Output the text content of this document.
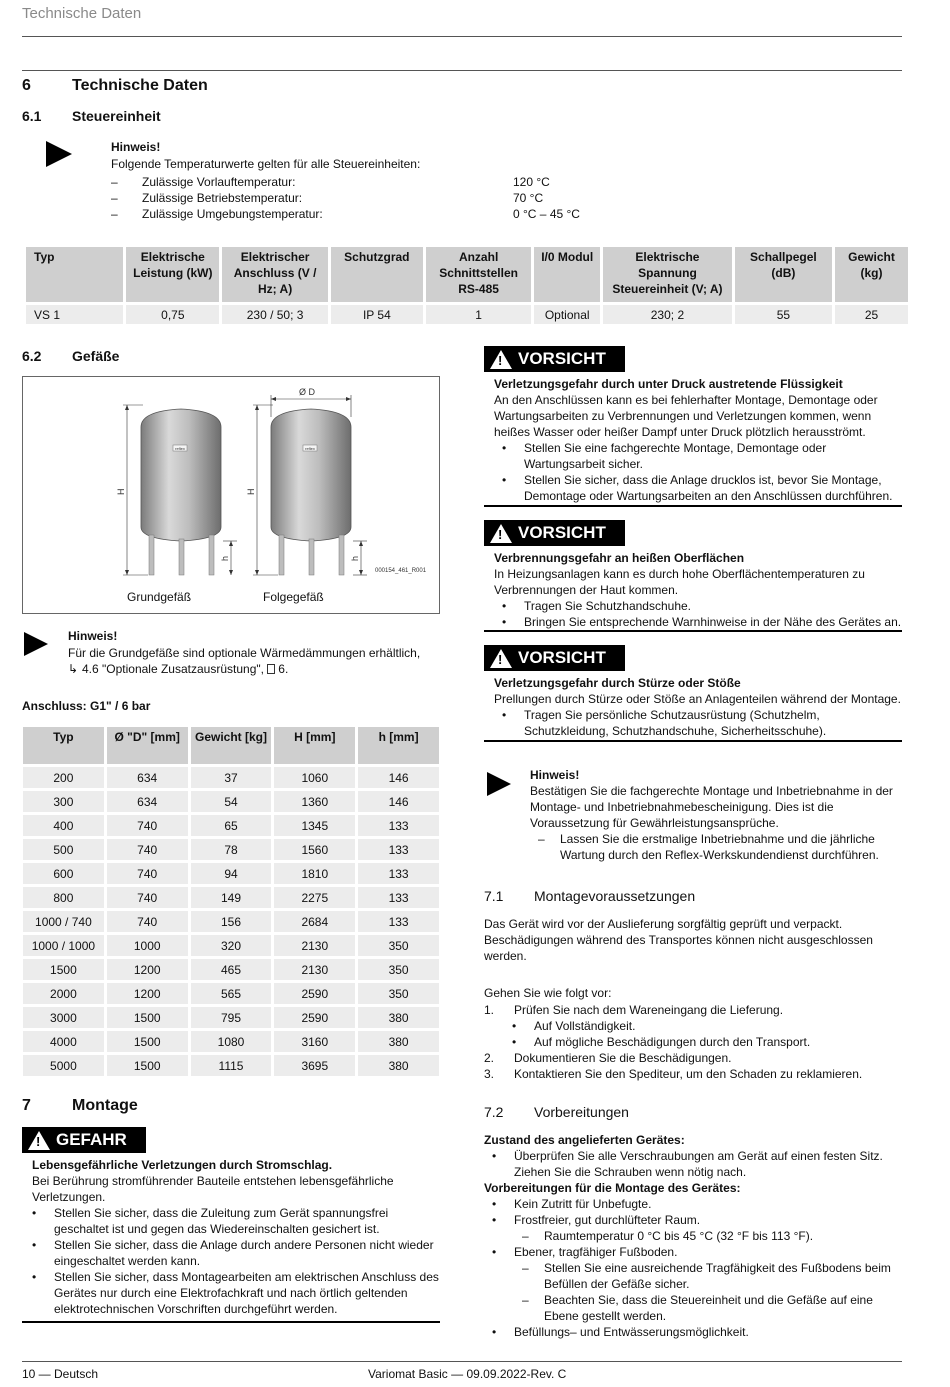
Technische Daten
6	Technische Daten
6.1 Steuereinheit
Hinweis!
Folgende Temperaturwerte gelten für alle Steuereinheiten:
– Zulässige Vorlauftemperatur:	120 °C
– Zulässige Betriebstemperatur:	70 °C
– Zulässige Umgebungstemperatur:	0 °C – 45 °C
Typ	Elektrische Leistung (kW)	Elektrischer Anschluss (V / Hz; A)	Schutzgrad	Anzahl Schnittstellen RS-485	I/0 Modul	Elektrische Spannung Steuereinheit (V; A)	Schallpegel (dB)	Gewicht (kg)
VS 1	0,75	230 / 50; 3	IP 54	1	Optional	230; 2	55	25
6.2 Gefäße
reflex	reflex
Ø D
H	H
h	h
000154_461_R001
Grundgefäß	Folgegefäß
Hinweis!
Für die Grundgefäße sind optionale Wärmedämmungen erhältlich,
↳ 4.6 "Optionale Zusatzausrüstung", 6.
Anschluss: G1" / 6 bar
Typ	Ø "D" [mm]	Gewicht [kg]	H [mm]	h [mm]
200	634	37	1060	146
300	634	54	1360	146
400	740	65	1345	133
500	740	78	1560	133
600	740	94	1810	133
800	740	149	2275	133
1000 / 740	740	156	2684	133
1000 / 1000	1000	320	2130	350
1500	1200	465	2130	350
2000	1200	565	2590	350
3000	1500	795	2590	380
4000	1500	1080	3160	380
5000	1500	1115	3695	380
7	Montage
!
GEFAHR
Lebensgefährliche Verletzungen durch Stromschlag.
Bei Berührung stromführender Bauteile entstehen lebensgefährliche Verletzungen.
• Stellen Sie sicher, dass die Zuleitung zum Gerät spannungsfrei geschaltet ist und gegen das Wiedereinschalten gesichert ist.
• Stellen Sie sicher, dass die Anlage durch andere Personen nicht wieder eingeschaltet werden kann.
• Stellen Sie sicher, dass Montagearbeiten am elektrischen Anschluss des Gerätes nur durch eine Elektrofachkraft und nach örtlich geltenden elektrotechnischen Vorschriften durchgeführt werden.
!
VORSICHT
Verletzungsgefahr durch unter Druck austretende Flüssigkeit
An den Anschlüssen kann es bei fehlerhafter Montage, Demontage oder Wartungsarbeiten zu Verbrennungen und Verletzungen kommen, wenn heißes Wasser oder heißer Dampf unter Druck plötzlich herausströmt.
• Stellen Sie eine fachgerechte Montage, Demontage oder Wartungsarbeit sicher.
• Stellen Sie sicher, dass die Anlage drucklos ist, bevor Sie Montage, Demontage oder Wartungsarbeiten an den Anschlüssen durchführen.
!
VORSICHT
Verbrennungsgefahr an heißen Oberflächen
In Heizungsanlagen kann es durch hohe Oberflächentemperaturen zu Verbrennungen der Haut kommen.
• Tragen Sie Schutzhandschuhe.
• Bringen Sie entsprechende Warnhinweise in der Nähe des Gerätes an.
!
VORSICHT
Verletzungsgefahr durch Stürze oder Stöße
Prellungen durch Stürze oder Stöße an Anlagenteilen während der Montage.
• Tragen Sie persönliche Schutzausrüstung (Schutzhelm, Schutzkleidung, Schutzhandschuhe, Sicherheitsschuhe).
Hinweis!
Bestätigen Sie die fachgerechte Montage und Inbetriebnahme in der Montage- und Inbetriebnahmebescheinigung. Dies ist die Voraussetzung für Gewährleistungsansprüche.
– Lassen Sie die erstmalige Inbetriebnahme und die jährliche Wartung durch den Reflex-Werkskundendienst durchführen.
7.1 Montagevoraussetzungen
Das Gerät wird vor der Auslieferung sorgfältig geprüft und verpackt. Beschädigungen während des Transportes können nicht ausgeschlossen werden.
Gehen Sie wie folgt vor:
1. Prüfen Sie nach dem Wareneingang die Lieferung.
• Auf Vollständigkeit.
• Auf mögliche Beschädigungen durch den Transport.
2. Dokumentieren Sie die Beschädigungen.
3. Kontaktieren Sie den Spediteur, um den Schaden zu reklamieren.
7.2 Vorbereitungen
Zustand des angelieferten Gerätes:
• Überprüfen Sie alle Verschraubungen am Gerät auf einen festen Sitz. Ziehen Sie die Schrauben wenn nötig nach.
Vorbereitungen für die Montage des Gerätes:
• Kein Zutritt für Unbefugte.
• Frostfreier, gut durchlüfteter Raum.
– Raumtemperatur 0 °C bis 45 °C (32 °F bis 113 °F).
• Ebener, tragfähiger Fußboden.
– Stellen Sie eine ausreichende Tragfähigkeit des Fußbodens beim Befüllen der Gefäße sicher.
– Beachten Sie, dass die Steuereinheit und die Gefäße auf eine Ebene gestellt werden.
• Befüllungs– und Entwässerungsmöglichkeit.
10 — Deutsch	Variomat Basic — 09.09.2022-Rev. C
